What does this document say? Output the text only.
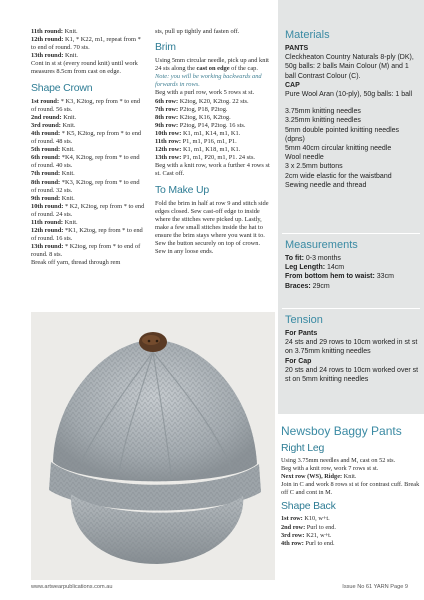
11th round: Knit.

12th round: K1, * K22, m1, repeat from * to end of round. 70 sts.

13th round: Knit.

Cont in st st (every round knit) until work measures 8.5cm from cast on edge.

Shape Crown

1st round: * K3, K2tog, rep from * to end of round. 56 sts.

2nd round: Knit.

3rd round: Knit.

4th round: * K5, K2tog, rep from * to end of round. 48 sts.

5th round: Knit.

6th round: *K4, K2tog, rep from * to end of round. 40 sts.

7th round: Knit.

8th round: *K3, K2tog, rep from * to end of round. 32 sts.

9th round: Knit.

10th round: * K2, K2tog, rep from * to end of round. 24 sts.

11th round: Knit.

12th round: *K1, K2tog, rep from * to end of round. 16 sts.

13th round: * K2tog, rep from * to end of round. 8 sts.

Break off yarn, thread through rem

sts, pull up tightly and fasten off.

Brim

Using 5mm circular needle, pick up and knit 24 sts along the cast on edge of the cap.

Note: you will be working backwards and forwards in rows.

Beg with a purl row, work 5 rows st st.

6th row: K2tog, K20, K2tog. 22 sts.

7th row: P2tog, P18, P2tog.

8th row: K2tog, K16, K2tog.

9th row: P2tog, P14, P2tog. 16 sts.

10th row: K1, m1, K14, m1, K1.

11th row: P1, m1, P16, m1, P1.

12th row: K1, m1, K18, m1, K1.

13th row: P1, m1, P20, m1, P1. 24 sts.

Beg with a knit row, work a further 4 rows st st. Cast off.

To Make Up

Fold the brim in half at row 9 and stitch side edges closed. Sew cast-off edge to inside where the stitches were picked up. Lastly, make a few small stitches inside the hat to ensure the brim stays where you want it to. Sew the button securely on top of crown. Sew in any loose ends.

Materials

PANTS

Cleckheaton Country Naturals 8-ply (DK), 50g balls: 2 balls Main Colour (M) and 1 ball Contrast Colour (C).

CAP

Pure Wool Aran (10-ply), 50g balls: 1 ball

3.75mm knitting needles

3.25mm knitting needles

5mm double pointed knitting needles (dpns)

5mm 40cm circular knitting needle

Wool needle

3 x 2.5mm buttons

2cm wide elastic for the waistband

Sewing needle and thread

Measurements

To fit: 0-3 months

Leg Length: 14cm

From bottom hem to waist: 33cm

Braces: 29cm

Tension

For Pants

24 sts and 29 rows to 10cm worked in st st on 3.75mm knitting needles

For Cap

20 sts and 24 rows to 10cm worked over st st on 5mm knitting needles

Newsboy Baggy Pants
Right Leg

Using 3.75mm needles and M, cast on 52 sts.

Beg with a knit row, work 7 rows st st.

Next row (WS), Ridge: Knit.

Join in C and work 8 rows st st for contrast cuff. Break off C and cont in M.

Shape Back

1st row: K10, w+t.

2nd row: Purl to end.

3rd row: K21, w+t.

4th row: Purl to end.

www.artwearpublications.com.au	Issue No 61 YARN Page 9
